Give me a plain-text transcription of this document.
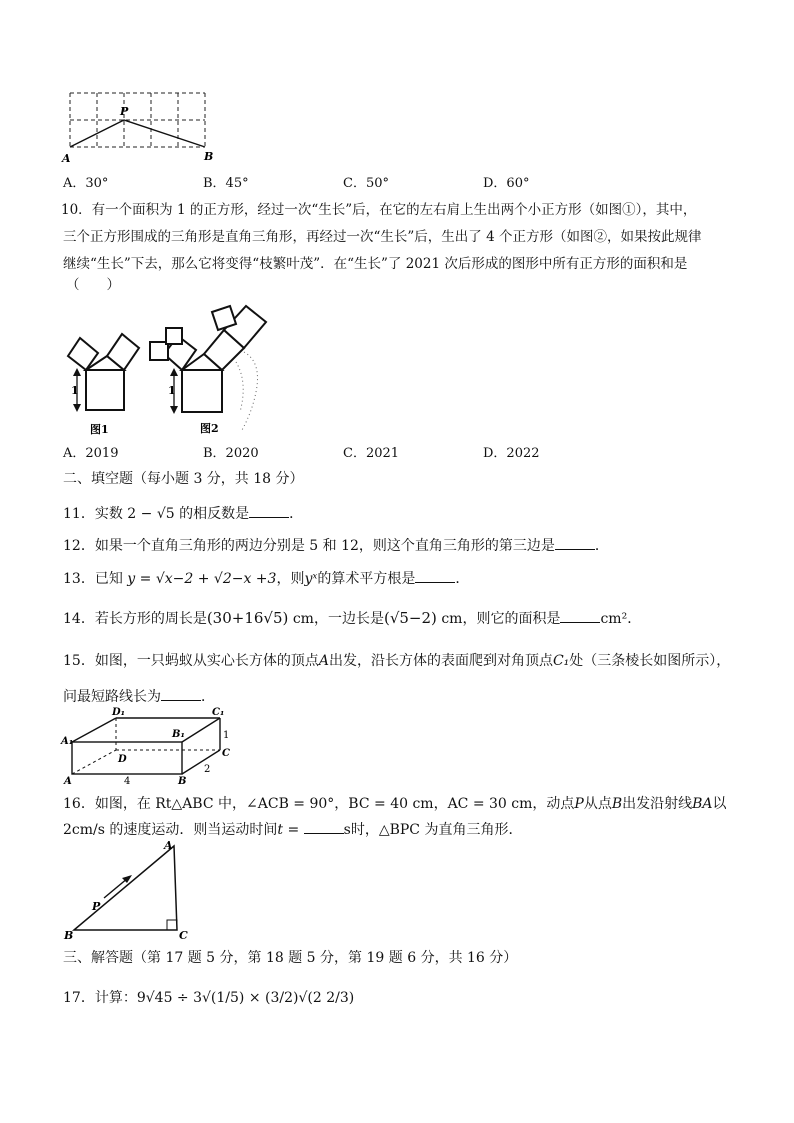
A
P
B
A．30°	B．45°	C．50°	D．60°
10．有一个面积为 1 的正方形，经过一次“生长”后，在它的左右肩上生出两个小正方形（如图①），其中，
三个正方形围成的三角形是直角三角形，再经过一次“生长”后，生出了 4 个正方形（如图②，如果按此规律
继续“生长”下去，那么它将变得“枝繁叶茂”．在“生长”了 2021 次后形成的图形中所有正方形的面积和是
（　　）
1
图1
1
图2
A．2019	B．2020	C．2021	D．2022
二、填空题（每小题 3 分，共 18 分）
11．实数 2 − √5 的相反数是	．
12．如果一个直角三角形的两边分别是 5 和 12，则这个直角三角形的第三边是	．
13．已知 y = √x−2 + √2−x +3，则yˣ的算术平方根是	．
14．若长方形的周长是(30+16√5) cm，一边长是(√5−2) cm，则它的面积是	cm²．
15．如图，一只蚂蚁从实心长方体的顶点A出发，沿长方体的表面爬到对角顶点C₁处（三条棱长如图所示），
问最短路线长为	．
D₁	C₁
A₁
B₁
D
C
A	B
4
2
1
16．如图，在 Rt△ABC 中，∠ACB = 90°，BC = 40 cm，AC = 30 cm，动点P从点B出发沿射线BA以
2cm/s 的速度运动．则当运动时间t =	s时，△BPC 为直角三角形．
A
B	C
P
三、解答题（第 17 题 5 分，第 18 题 5 分，第 19 题 6 分，共 16 分）
17．计算：9√45 ÷ 3√(1/5) × (3/2)√(2 2/3)
